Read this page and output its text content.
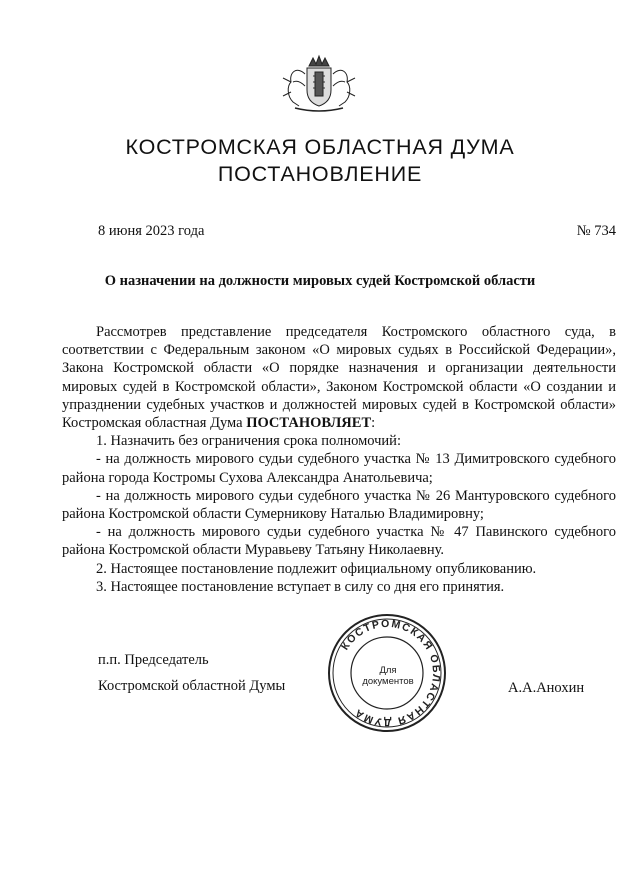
КОСТРОМСКАЯ ОБЛАСТНАЯ ДУМА
ПОСТАНОВЛЕНИЕ
8 июня 2023 года	№ 734
О назначении на должности мировых судей Костромской области

Рассмотрев представление председателя Костромского областного суда, в соответствии с Федеральным законом «О мировых судьях в Российской Федерации», Закона Костромской области «О порядке назначения и организации деятельности мировых судей в Костромской области», Законом Костромской области «О создании и упразднении судебных участков и должностей мировых судей в Костромской области» Костромская областная Дума ПОСТАНОВЛЯЕТ:

1. Назначить без ограничения срока полномочий:

- на должность мирового судьи судебного участка № 13 Димитровского судебного района города Костромы Сухова Александра Анатольевича;

- на должность мирового судьи судебного участка № 26 Мантуровского судебного района Костромской области Сумерникову Наталью Владимировну;

- на должность мирового судьи судебного участка № 47 Павинского судебного района Костромской области Муравьеву Татьяну Николаевну.

2. Настоящее постановление подлежит официальному опубликованию.

3. Настоящее постановление вступает в силу со дня его принятия.

п.п. Председатель
Костромской областной Думы	А.А.Анохин
КОСТРОМСКАЯ ОБЛАСТНАЯ ДУМА
Для
документов
